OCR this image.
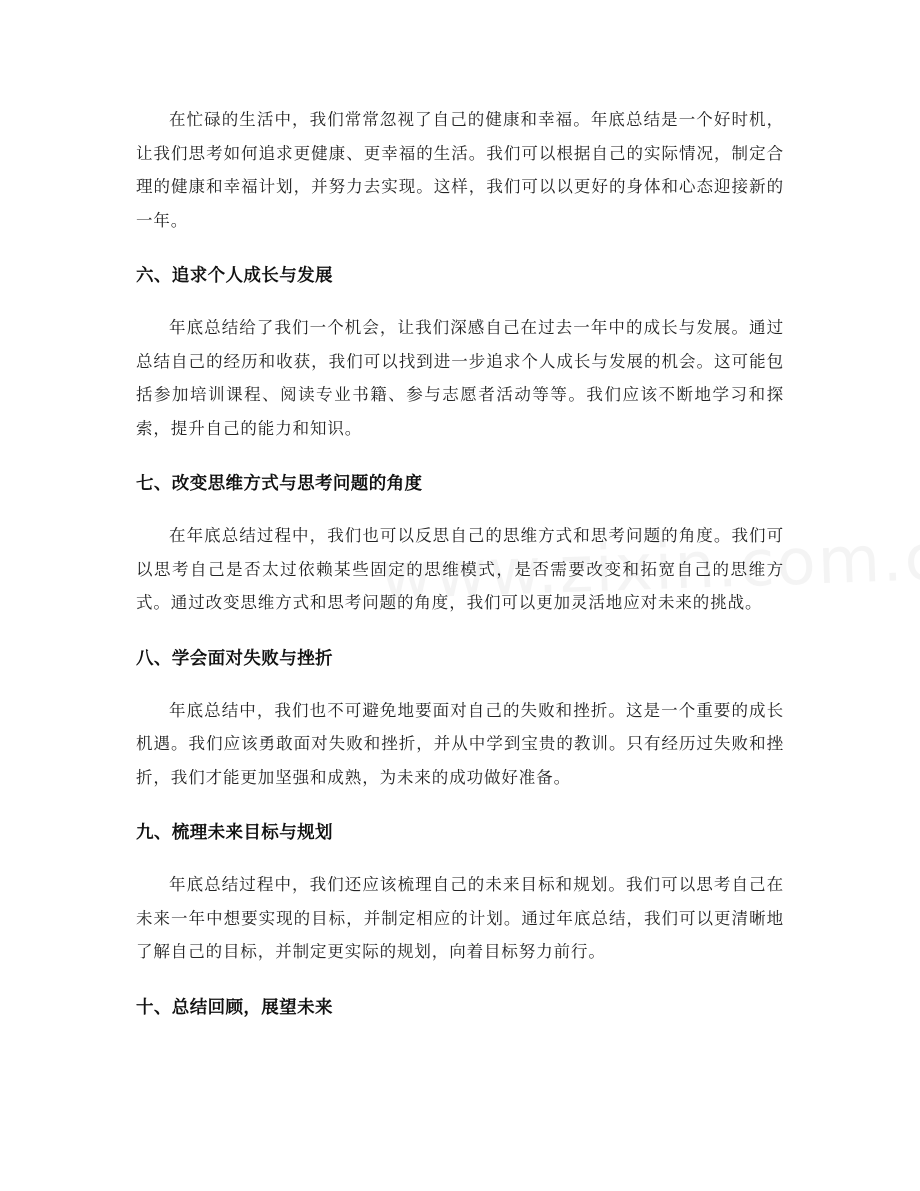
在忙碌的生活中，我们常常忽视了自己的健康和幸福。年底总结是一个好时机，让我们思考如何追求更健康、更幸福的生活。我们可以根据自己的实际情况，制定合理的健康和幸福计划，并努力去实现。这样，我们可以以更好的身体和心态迎接新的一年。

六、追求个人成长与发展

年底总结给了我们一个机会，让我们深感自己在过去一年中的成长与发展。通过总结自己的经历和收获，我们可以找到进一步追求个人成长与发展的机会。这可能包括参加培训课程、阅读专业书籍、参与志愿者活动等等。我们应该不断地学习和探索，提升自己的能力和知识。

七、改变思维方式与思考问题的角度

在年底总结过程中，我们也可以反思自己的思维方式和思考问题的角度。我们可以思考自己是否太过依赖某些固定的思维模式，是否需要改变和拓宽自己的思维方式。通过改变思维方式和思考问题的角度，我们可以更加灵活地应对未来的挑战。

八、学会面对失败与挫折

年底总结中，我们也不可避免地要面对自己的失败和挫折。这是一个重要的成长机遇。我们应该勇敢面对失败和挫折，并从中学到宝贵的教训。只有经历过失败和挫折，我们才能更加坚强和成熟，为未来的成功做好准备。

九、梳理未来目标与规划

年底总结过程中，我们还应该梳理自己的未来目标和规划。我们可以思考自己在未来一年中想要实现的目标，并制定相应的计划。通过年底总结，我们可以更清晰地了解自己的目标，并制定更实际的规划，向着目标努力前行。

十、总结回顾，展望未来
